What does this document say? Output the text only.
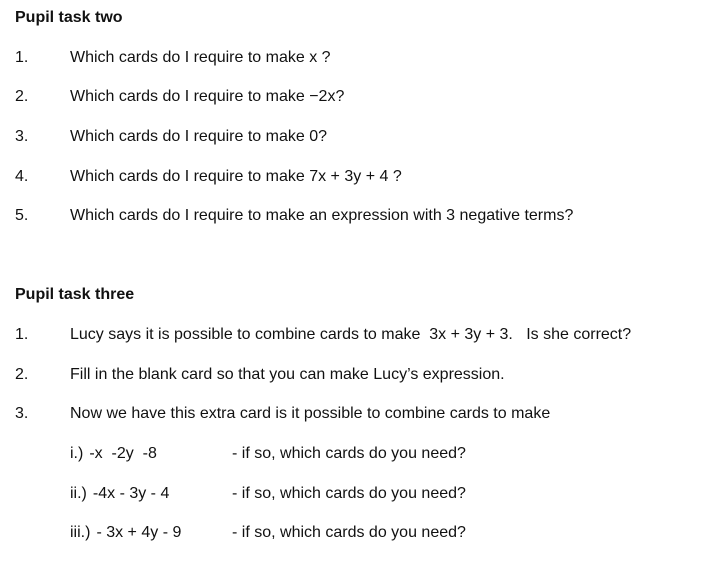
Pupil task two
1.	Which cards do I require to make x ?
2.	Which cards do I require to make −2x?
3.	Which cards do I require to make 0?
4.	Which cards do I require to make 7x + 3y + 4 ?
5.	Which cards do I require to make an expression with 3 negative terms?
Pupil task three
1.	Lucy says it is possible to combine cards to make  3x + 3y + 3.   Is she correct?
2.	Fill in the blank card so that you can make Lucy’s expression.
3.	Now we have this extra card is it possible to combine cards to make
i.) -x  -2y  -8	- if so, which cards do you need?
ii.) -4x - 3y - 4	- if so, which cards do you need?
iii.) - 3x + 4y - 9	- if so, which cards do you need?
